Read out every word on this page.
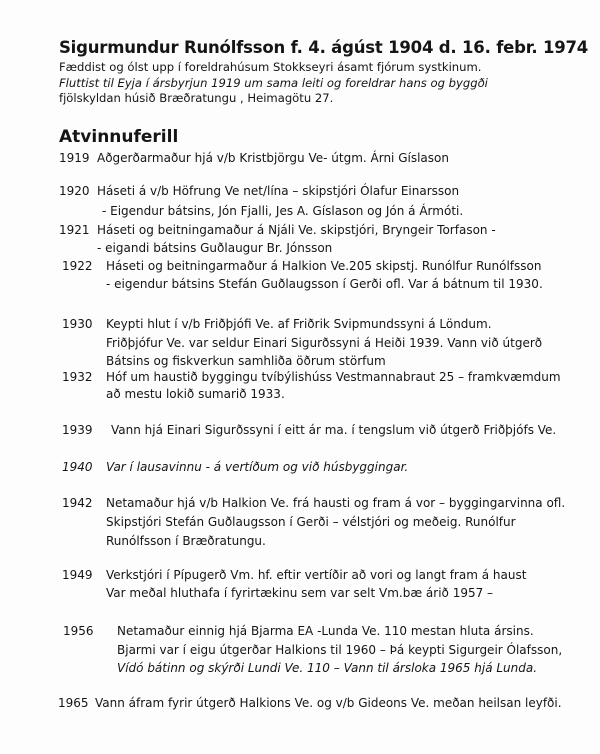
Sigurmundur Runólfsson f. 4. ágúst 1904 d. 16. febr. 1974
Fæddist og ólst upp í foreldrahúsum Stokkseyri ásamt fjórum systkinum.
Fluttist til Eyja í ársbyrjun 1919 um sama leiti og foreldrar hans og byggði
fjölskyldan húsið Bræðratungu , Heimagötu 27.
Atvinnuferill
1919 Aðgerðarmaður hjá v/b Kristbjörgu Ve- útgm. Árni Gíslason
1920 Háseti á v/b Höfrung Ve net/lína – skipstjóri Ólafur Einarsson
- Eigendur bátsins, Jón Fjalli, Jes A. Gíslason og Jón á Ármóti.
1921 Háseti og beitningamaður á Njáli Ve. skipstjóri, Bryngeir Torfason -
- eigandi bátsins Guðlaugur Br. Jónsson
1922 Háseti og beitningarmaður á Halkion Ve.205 skipstj. Runólfur Runólfsson
- eigendur bátsins Stefán Guðlaugsson í Gerði ofl. Var á bátnum til 1930.
1930 Keypti hlut í v/b Friðþjófi Ve. af Friðrik Svipmundssyni á Löndum.
Friðþjófur Ve. var seldur Einari Sigurðssyni á Heiði 1939. Vann við útgerð
Bátsins og fiskverkun samhliða öðrum störfum
1932 Hóf um haustið byggingu tvíbýlishúss Vestmannabraut 25 – framkvæmdum
að mestu lokið sumarið 1933.
1939 Vann hjá Einari Sigurðssyni í eitt ár ma. í tengslum við útgerð Friðþjófs Ve.
1940 Var í lausavinnu - á vertíðum og við húsbyggingar.
1942 Netamaður hjá v/b Halkion Ve. frá hausti og fram á vor – byggingarvinna ofl.
Skipstjóri Stefán Guðlaugsson í Gerði – vélstjóri og meðeig. Runólfur
Runólfsson í Bræðratungu.
1949 Verkstjóri í Pípugerð Vm. hf. eftir vertíðir að vori og langt fram á haust
Var meðal hluthafa í fyrirtækinu sem var selt Vm.bæ árið 1957 –
1956 Netamaður einnig hjá Bjarma EA -Lunda Ve. 110 mestan hluta ársins.
Bjarmi var í eigu útgerðar Halkions til 1960 – Þá keypti Sigurgeir Ólafsson,
Vídó bátinn og skýrði Lundi Ve. 110 – Vann til ársloka 1965 hjá Lunda.
1965 Vann áfram fyrir útgerð Halkions Ve. og v/b Gideons Ve. meðan heilsan leyfði.
